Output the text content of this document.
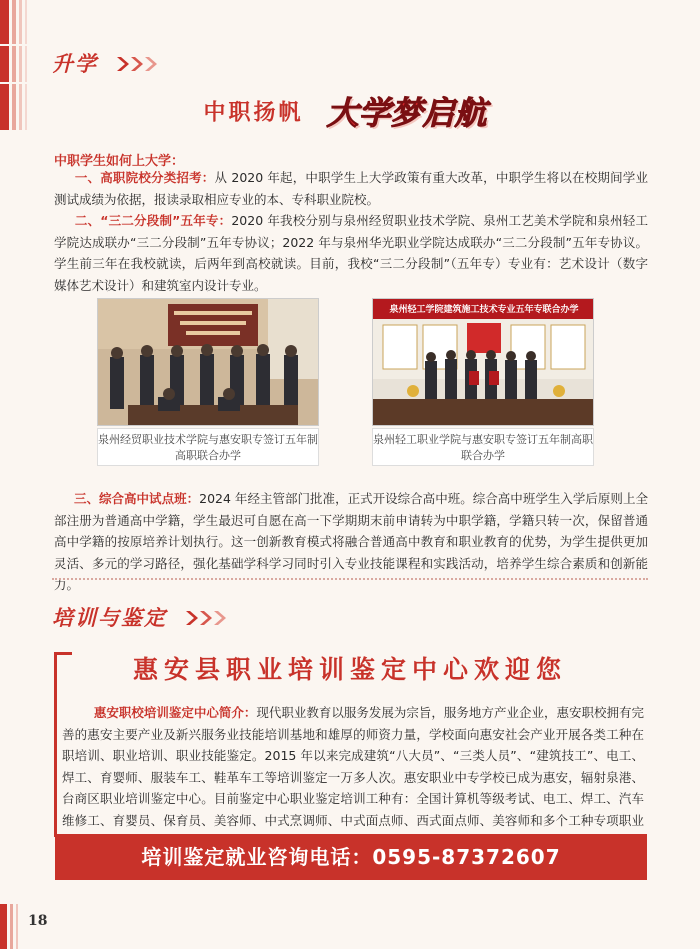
升学
中职扬帆 大学梦启航
中职学生如何上大学：
一、高职院校分类招考：从 2020 年起，中职学生上大学政策有重大改革，中职学生将以在校期间学业测试成绩为依据，报读录取相应专业的本、专科职业院校。
二、“三二分段制”五年专：2020 年我校分别与泉州经贸职业技术学院、泉州工艺美术学院和泉州轻工学院达成联办“三二分段制”五年专协议；2022 年与泉州华光职业学院达成联办“三二分段制”五年专协议。学生前三年在我校就读，后两年到高校就读。目前，我校“三二分段制”（五年专）专业有：艺术设计（数字媒体艺术设计）和建筑室内设计专业。
泉州经贸职业技术学院与惠安职专签订五年制高职联合办学
泉州轻工学院建筑施工技术专业五年专联合办学
泉州轻工职业学院与惠安职专签订五年制高职联合办学
三、综合高中试点班：2024 年经主管部门批准，正式开设综合高中班。综合高中班学生入学后原则上全部注册为普通高中学籍，学生最迟可自愿在高一下学期期末前申请转为中职学籍，学籍只转一次，保留普通高中学籍的按原培养计划执行。这一创新教育模式将融合普通高中教育和职业教育的优势，为学生提供更加灵活、多元的学习路径，强化基础学科学习同时引入专业技能课程和实践活动，培养学生综合素质和创新能力。
培训与鉴定
惠安县职业培训鉴定中心欢迎您
惠安职校培训鉴定中心简介：现代职业教育以服务发展为宗旨，服务地方产业企业，惠安职校拥有完善的惠安主要产业及新兴服务业技能培训基地和雄厚的师资力量，学校面向惠安社会产业开展各类工种在职培训、职业培训、职业技能鉴定。2015 年以来完成建筑“八大员”、“三类人员”、“建筑技工”、电工、焊工、育婴师、服装车工、鞋革车工等培训鉴定一万多人次。惠安职业中专学校已成为惠安，辐射泉港、台商区职业培训鉴定中心。目前鉴定中心职业鉴定培训工种有：全国计算机等级考试、电工、焊工、汽车维修工、育婴员、保育员、美容师、中式烹调师、中式面点师、西式面点师、美容师和多个工种专项职业
培训鉴定就业咨询电话：0595-87372607
18
